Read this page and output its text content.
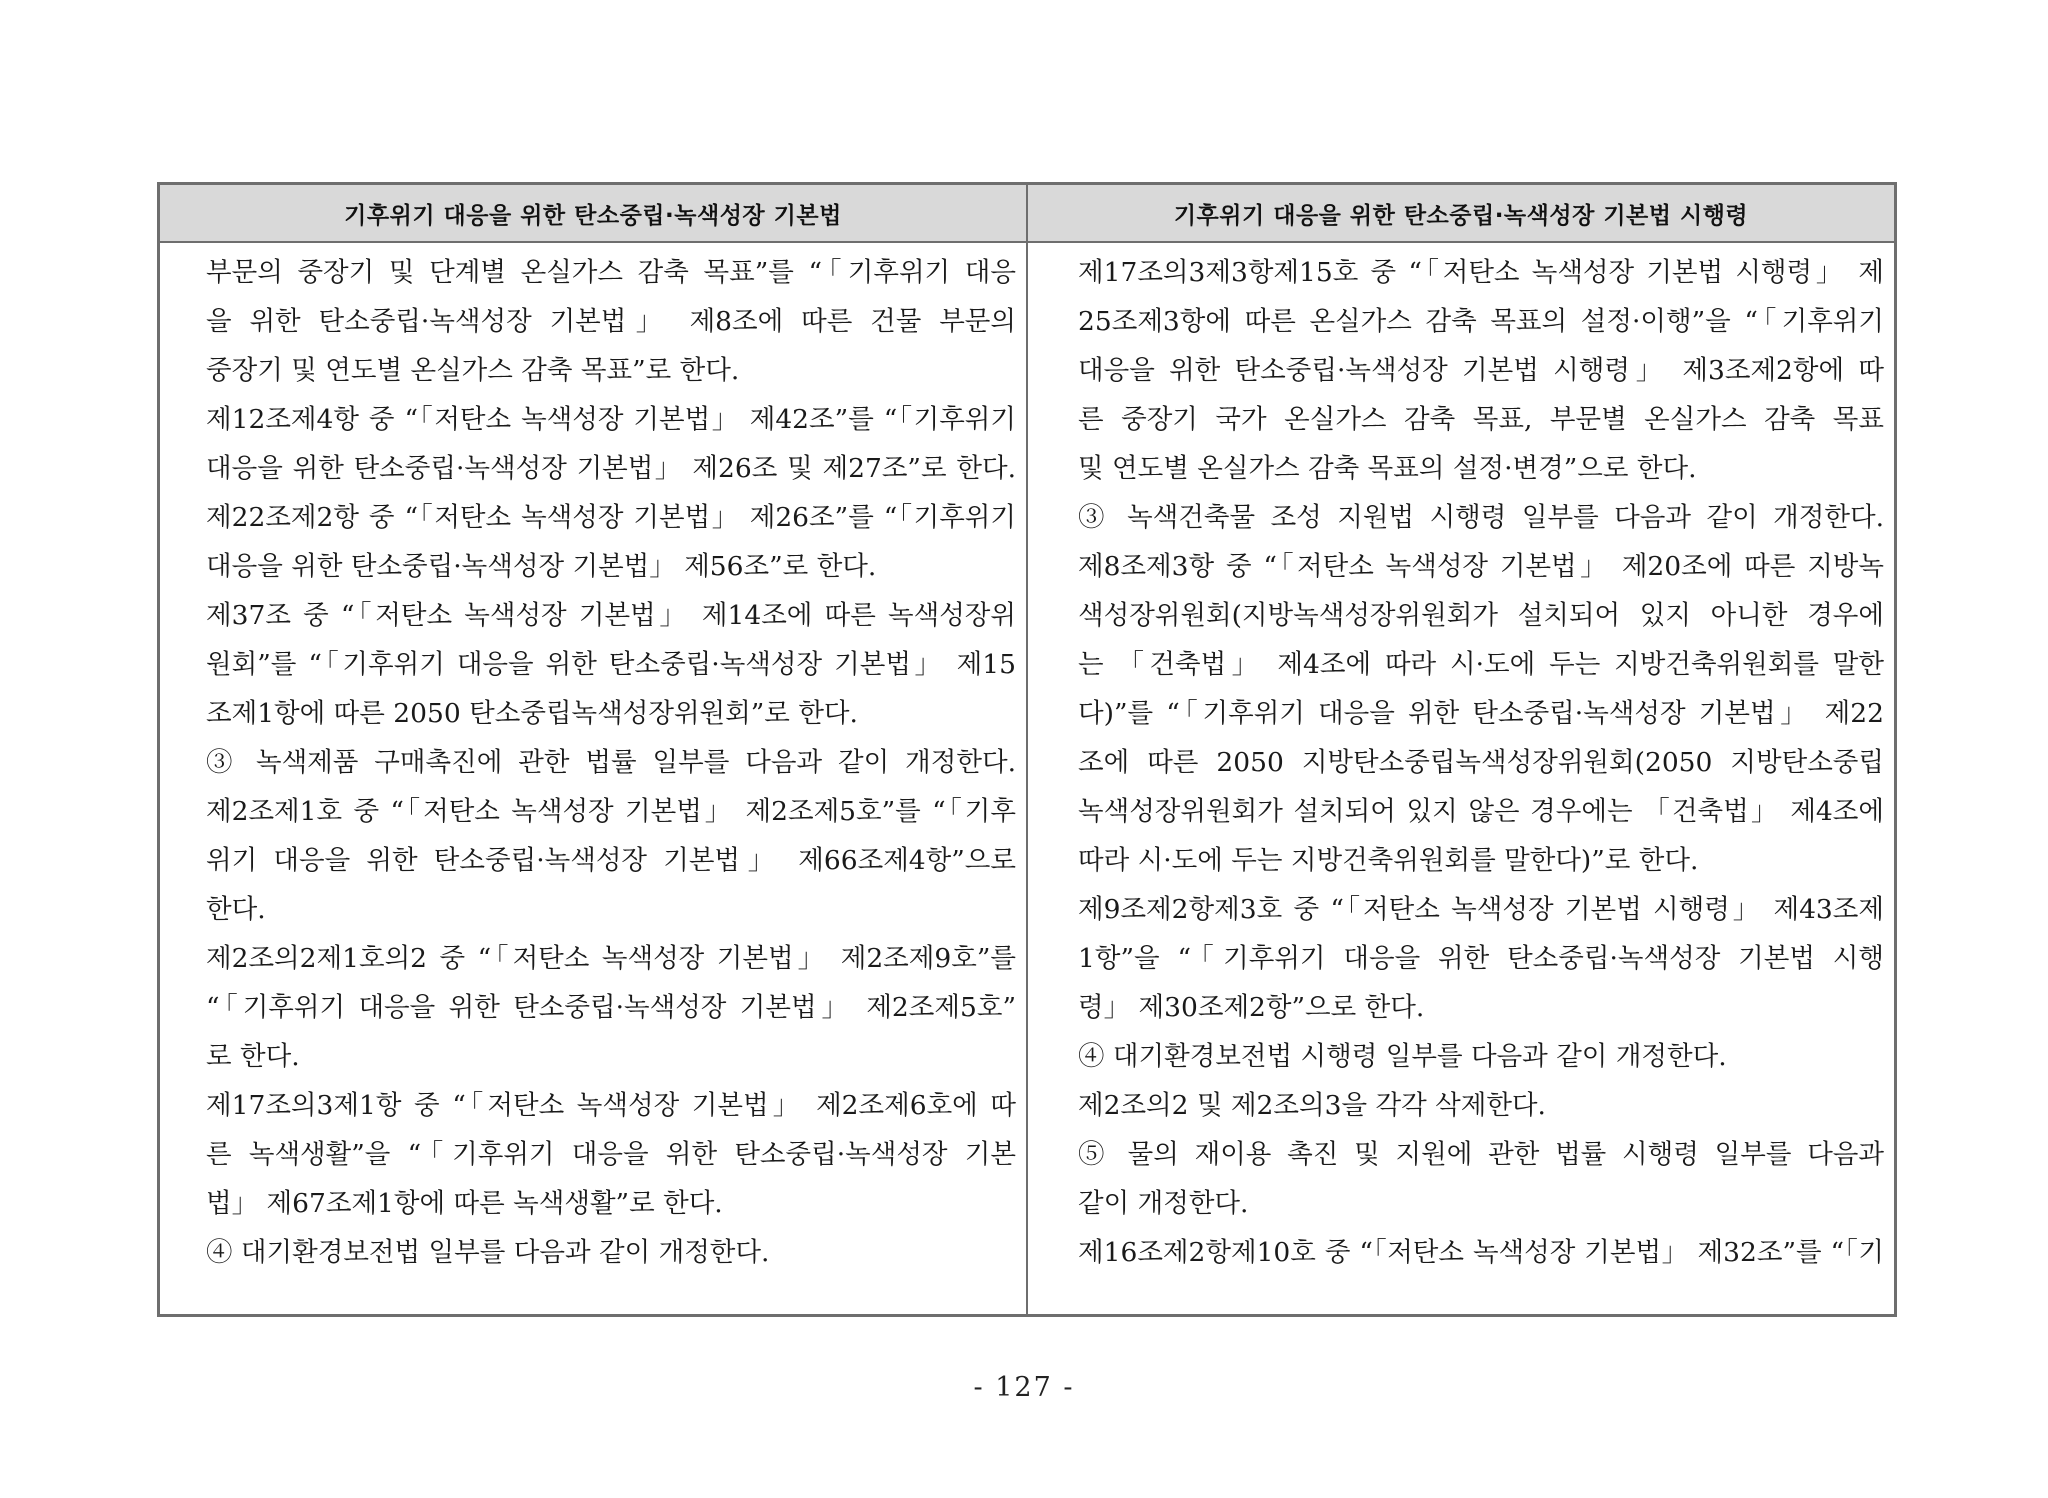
기후위기 대응을 위한 탄소중립·녹색성장 기본법	기후위기 대응을 위한 탄소중립·녹색성장 기본법 시행령
부문의 중장기 및 단계별 온실가스 감축 목표”를 “「기후위기 대응
을 위한 탄소중립·녹색성장 기본법」 제8조에 따른 건물 부문의
중장기 및 연도별 온실가스 감축 목표”로 한다.
제12조제4항 중 “「저탄소 녹색성장 기본법」 제42조”를 “「기후위기
대응을 위한 탄소중립·녹색성장 기본법」 제26조 및 제27조”로 한다.
제22조제2항 중 “「저탄소 녹색성장 기본법」 제26조”를 “「기후위기
대응을 위한 탄소중립·녹색성장 기본법」 제56조”로 한다.
제37조 중 “「저탄소 녹색성장 기본법」 제14조에 따른 녹색성장위
원회”를 “「기후위기 대응을 위한 탄소중립·녹색성장 기본법」 제15
조제1항에 따른 2050 탄소중립녹색성장위원회”로 한다.
③ 녹색제품 구매촉진에 관한 법률 일부를 다음과 같이 개정한다.
제2조제1호 중 “「저탄소 녹색성장 기본법」 제2조제5호”를 “「기후
위기 대응을 위한 탄소중립·녹색성장 기본법」 제66조제4항”으로
한다.
제2조의2제1호의2 중 “「저탄소 녹색성장 기본법」 제2조제9호”를
“「기후위기 대응을 위한 탄소중립·녹색성장 기본법」 제2조제5호”
로 한다.
제17조의3제1항 중 “「저탄소 녹색성장 기본법」 제2조제6호에 따
른 녹색생활”을 “「기후위기 대응을 위한 탄소중립·녹색성장 기본
법」 제67조제1항에 따른 녹색생활”로 한다.
④ 대기환경보전법 일부를 다음과 같이 개정한다.
제17조의3제3항제15호 중 “「저탄소 녹색성장 기본법 시행령」 제
25조제3항에 따른 온실가스 감축 목표의 설정·이행”을 “「기후위기
대응을 위한 탄소중립·녹색성장 기본법 시행령」 제3조제2항에 따
른 중장기 국가 온실가스 감축 목표, 부문별 온실가스 감축 목표
및 연도별 온실가스 감축 목표의 설정·변경”으로 한다.
③ 녹색건축물 조성 지원법 시행령 일부를 다음과 같이 개정한다.
제8조제3항 중 “「저탄소 녹색성장 기본법」 제20조에 따른 지방녹
색성장위원회(지방녹색성장위원회가 설치되어 있지 아니한 경우에
는 「건축법」 제4조에 따라 시·도에 두는 지방건축위원회를 말한
다)”를 “「기후위기 대응을 위한 탄소중립·녹색성장 기본법」 제22
조에 따른 2050 지방탄소중립녹색성장위원회(2050 지방탄소중립
녹색성장위원회가 설치되어 있지 않은 경우에는 「건축법」 제4조에
따라 시·도에 두는 지방건축위원회를 말한다)”로 한다.
제9조제2항제3호 중 “「저탄소 녹색성장 기본법 시행령」 제43조제
1항”을 “「기후위기 대응을 위한 탄소중립·녹색성장 기본법 시행
령」 제30조제2항”으로 한다.
④ 대기환경보전법 시행령 일부를 다음과 같이 개정한다.
제2조의2 및 제2조의3을 각각 삭제한다.
⑤ 물의 재이용 촉진 및 지원에 관한 법률 시행령 일부를 다음과
같이 개정한다.
제16조제2항제10호 중 “「저탄소 녹색성장 기본법」 제32조”를 “「기
- 127 -
